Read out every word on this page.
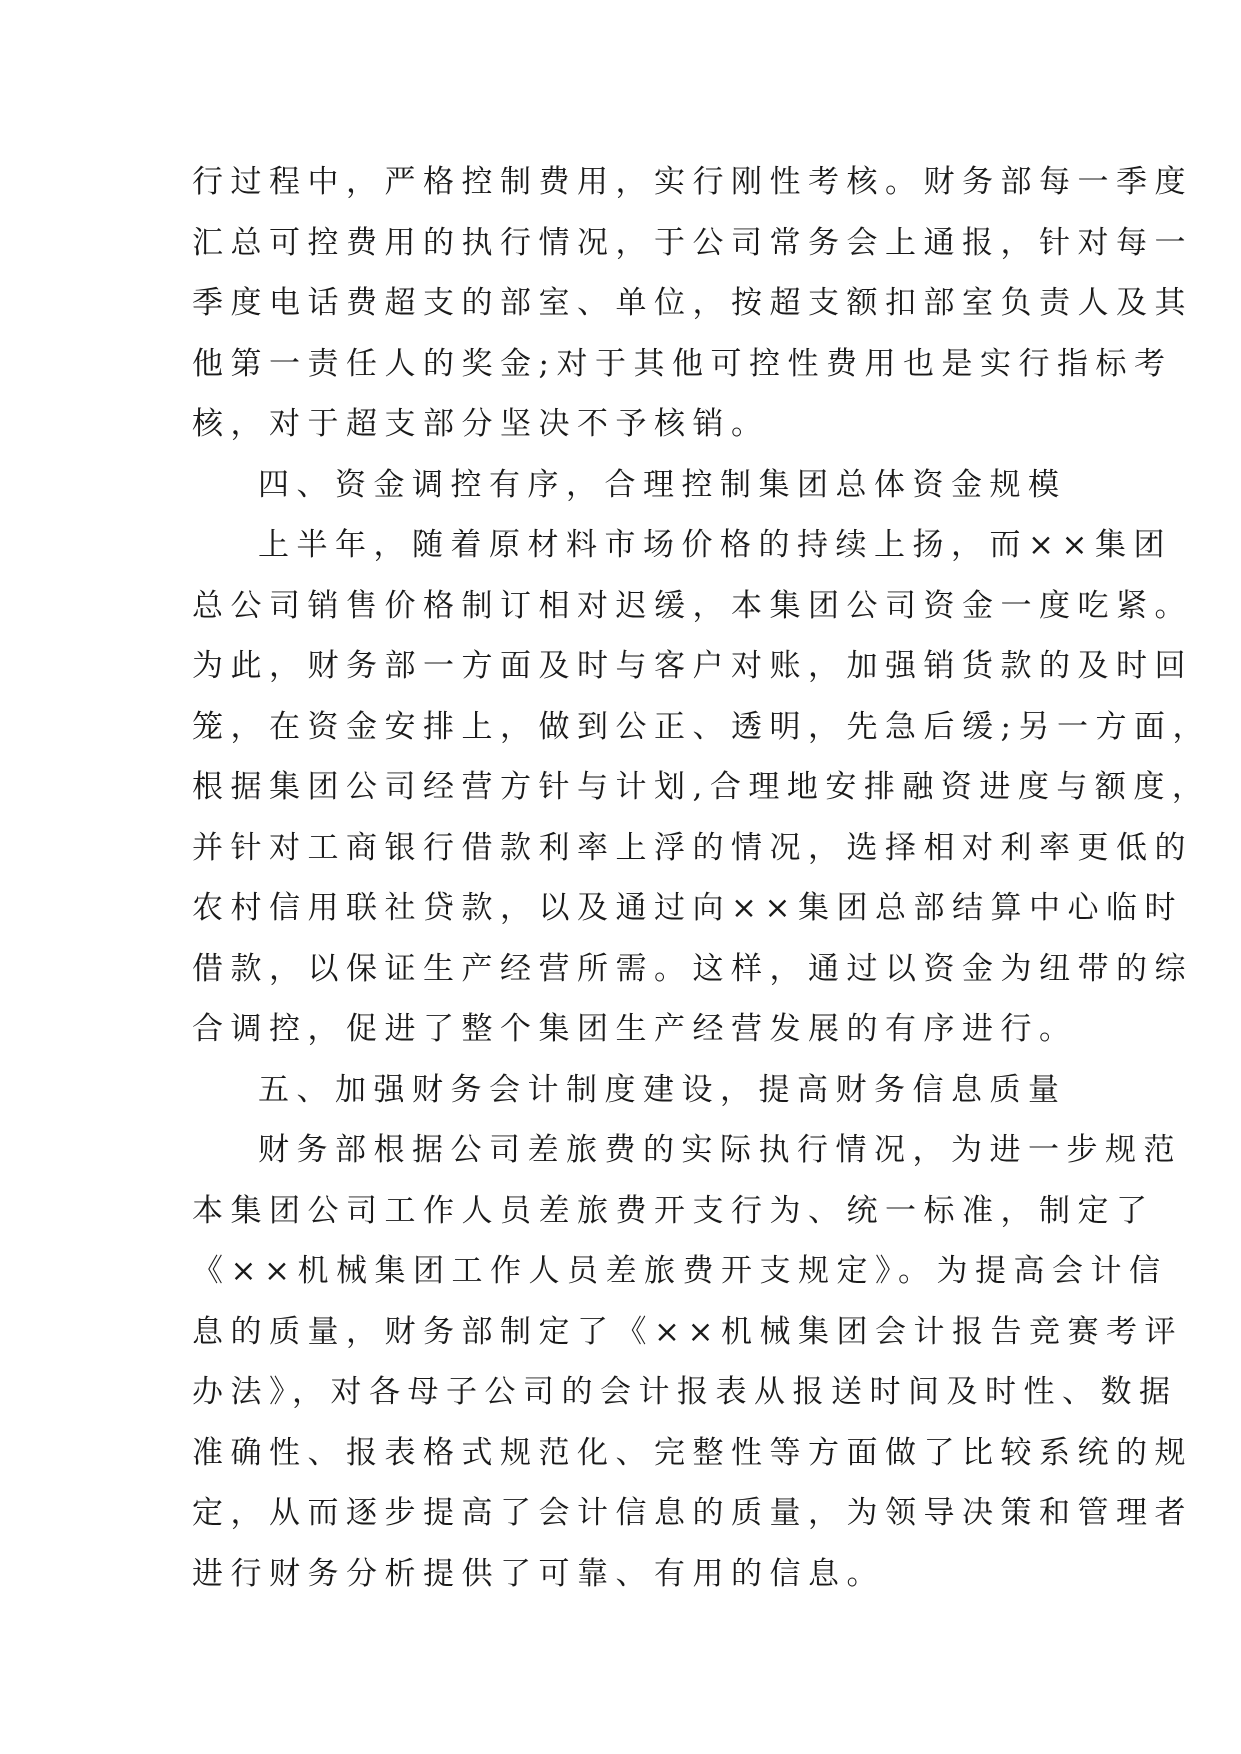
行过程中，严格控制费用，实行刚性考核。财务部每一季度
汇总可控费用的执行情况，于公司常务会上通报，针对每一
季度电话费超支的部室、单位，按超支额扣部室负责人及其
他第一责任人的奖金;对于其他可控性费用也是实行指标考
核，对于超支部分坚决不予核销。
四、资金调控有序，合理控制集团总体资金规模
上半年，随着原材料市场价格的持续上扬，而××集团
总公司销售价格制订相对迟缓，本集团公司资金一度吃紧。
为此，财务部一方面及时与客户对账，加强销货款的及时回
笼，在资金安排上，做到公正、透明，先急后缓;另一方面，
根据集团公司经营方针与计划,合理地安排融资进度与额度，
并针对工商银行借款利率上浮的情况，选择相对利率更低的
农村信用联社贷款，以及通过向××集团总部结算中心临时
借款，以保证生产经营所需。这样，通过以资金为纽带的综
合调控，促进了整个集团生产经营发展的有序进行。
五、加强财务会计制度建设，提高财务信息质量
财务部根据公司差旅费的实际执行情况，为进一步规范
本集团公司工作人员差旅费开支行为、统一标准，制定了
《××机械集团工作人员差旅费开支规定》。为提高会计信
息的质量，财务部制定了《××机械集团会计报告竞赛考评
办法》，对各母子公司的会计报表从报送时间及时性、数据
准确性、报表格式规范化、完整性等方面做了比较系统的规
定，从而逐步提高了会计信息的质量，为领导决策和管理者
进行财务分析提供了可靠、有用的信息。
